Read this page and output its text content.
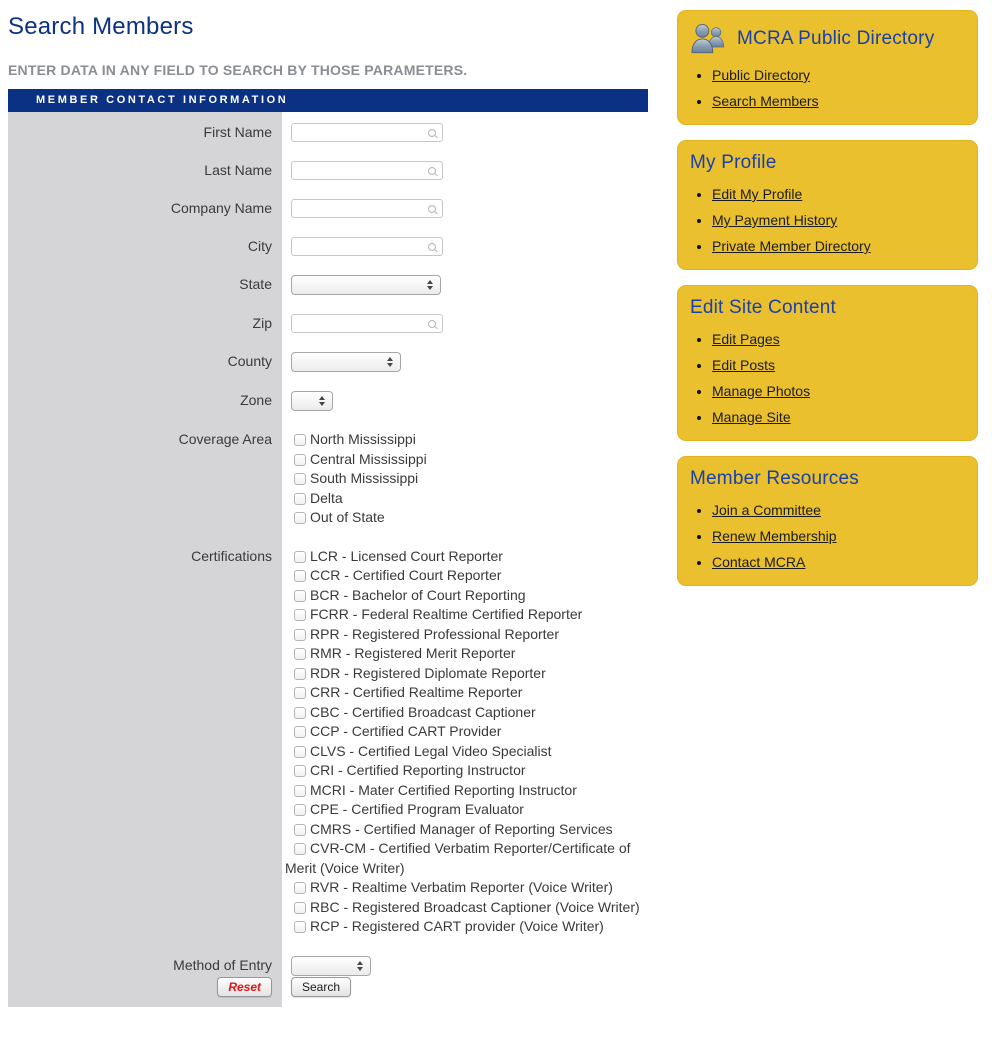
Search Members

ENTER DATA IN ANY FIELD TO SEARCH BY THOSE PARAMETERS.

MEMBER CONTACT INFORMATION
First Name
Last Name
Company Name
City
State
Zip
County
Zone
Coverage Area	North Mississippi
Central Mississippi
South Mississippi
Delta
Out of State
Certifications	LCR - Licensed Court Reporter
CCR - Certified Court Reporter
BCR - Bachelor of Court Reporting
FCRR - Federal Realtime Certified Reporter
RPR - Registered Professional Reporter
RMR - Registered Merit Reporter
RDR - Registered Diplomate Reporter
CRR - Certified Realtime Reporter
CBC - Certified Broadcast Captioner
CCP - Certified CART Provider
CLVS - Certified Legal Video Specialist
CRI - Certified Reporting Instructor
MCRI - Mater Certified Reporting Instructor
CPE - Certified Program Evaluator
CMRS - Certified Manager of Reporting Services
CVR-CM - Certified Verbatim Reporter/Certificate of Merit (Voice Writer)
RVR - Realtime Verbatim Reporter (Voice Writer)
RBC - Registered Broadcast Captioner (Voice Writer)
RCP - Registered CART provider (Voice Writer)
Method of Entry
Reset	Search
MCRA Public Directory
• Public Directory
• Search Members
My Profile
• Edit My Profile
• My Payment History
• Private Member Directory
Edit Site Content
• Edit Pages
• Edit Posts
• Manage Photos
• Manage Site
Member Resources
• Join a Committee
• Renew Membership
• Contact MCRA
